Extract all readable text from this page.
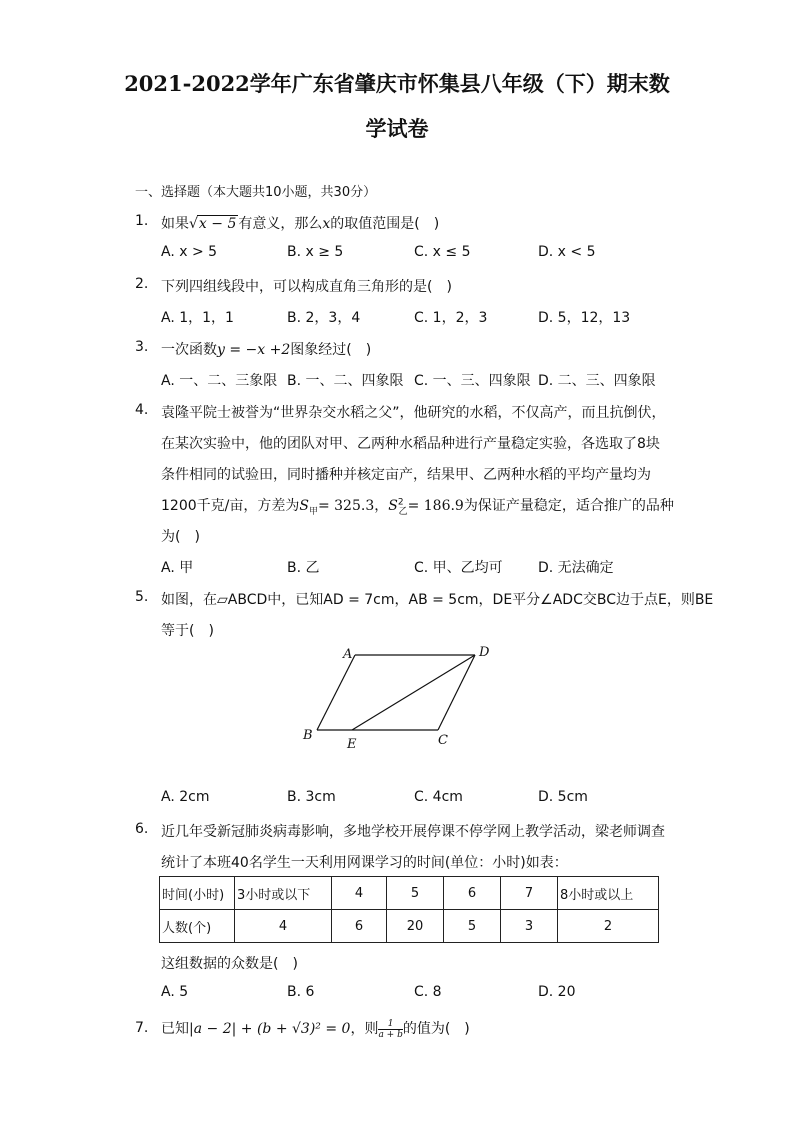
2021-2022学年广东省肇庆市怀集县八年级（下）期末数
学试卷
一、选择题（本大题共10小题，共30分）
1. 如果√x − 5 有意义，那么x的取值范围是(　)
A. x > 5	B. x ≥ 5	C. x ≤ 5	D. x < 5
2. 下列四组线段中，可以构成直角三角形的是(　)
A. 1，1，1	B. 2，3，4	C. 1，2，3	D. 5，12，13
3. 一次函数y = −x +2图象经过(　)
A. 一、二、三象限 B. 一、二、四象限 C. 一、三、四象限 D. 二、三、四象限
4. 袁隆平院士被誉为“世界杂交水稻之父”，他研究的水稻，不仅高产，而且抗倒伏，
在某次实验中，他的团队对甲、乙两种水稻品种进行产量稳定实验，各选取了8块
条件相同的试验田，同时播种并核定亩产，结果甲、乙两种水稻的平均产量均为
1200千克/亩，方差为$S_甲= 325.3$，$S^2_乙= 186.9$为保证产量稳定，适合推广的品种
为(　)
A. 甲	B. 乙	C. 甲、乙均可	D. 无法确定
5. 如图，在▱ABCD中，已知AD = 7cm，AB = 5cm，DE平分∠ADC交BC边于点E，则BE
等于(　)
A	D
B
E	C
A. 2cm	B. 3cm	C. 4cm	D. 5cm
6. 近几年受新冠肺炎病毒影响，多地学校开展停课不停学网上教学活动，梁老师调查
统计了本班40名学生一天利用网课学习的时间(单位：小时)如表：
时间(小时)	3小时或以下	4	5	6	7	8小时或以上
人数(个)	4	6	20	5	3	2
这组数据的众数是(　)
A. 5	B. 6	C. 8	D. 20
7. 已知|a − 2| + (b + √3)² = 0，则 $\frac{1}{a + b}$ 的值为(　)
